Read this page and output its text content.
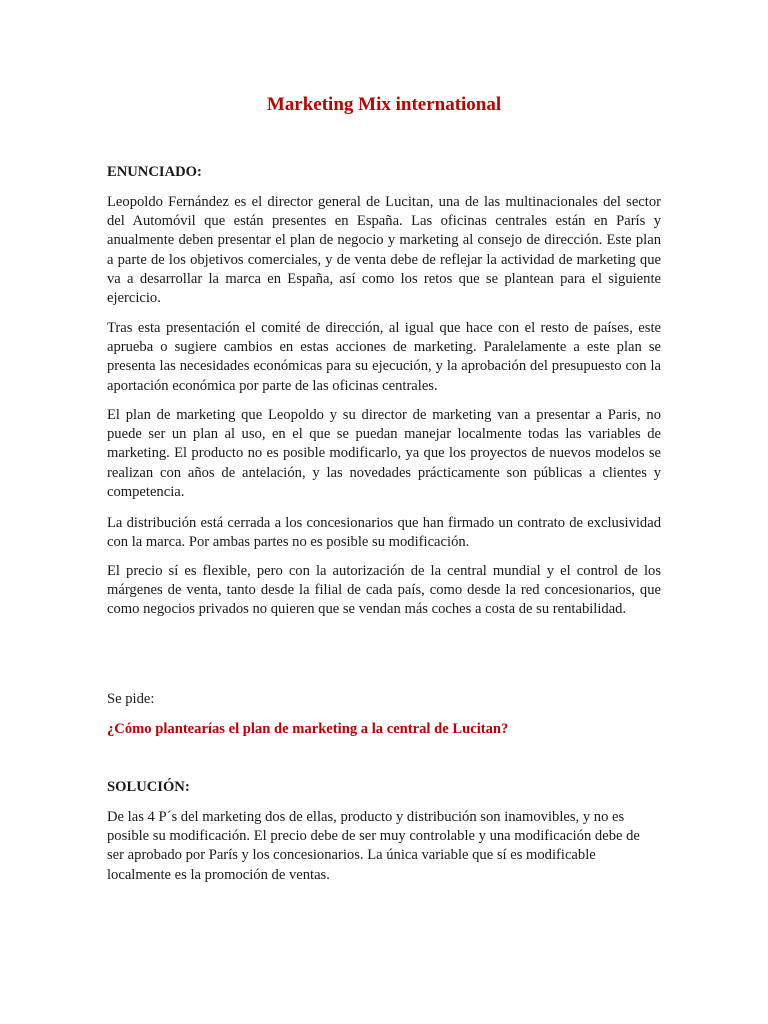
Marketing Mix international
ENUNCIADO:

Leopoldo Fernández es el director general de Lucitan, una de las multinacionales del sector del Automóvil que están presentes en España. Las oficinas centrales están en París y anualmente deben presentar el plan de negocio y marketing al consejo de dirección. Este plan a parte de los objetivos comerciales, y de venta debe de reflejar la actividad de marketing que va a desarrollar la marca en España, así como los retos que se plantean para el siguiente ejercicio.

Tras esta presentación el comité de dirección, al igual que hace con el resto de países, este aprueba o sugiere cambios en estas acciones de marketing. Paralelamente a este plan se presenta las necesidades económicas para su ejecución, y la aprobación del presupuesto con la aportación económica por parte de las oficinas centrales.

El plan de marketing que Leopoldo y su director de marketing van a presentar a Paris, no puede ser un plan al uso, en el que se puedan manejar localmente todas las variables de marketing. El producto no es posible modificarlo, ya que los proyectos de nuevos modelos se realizan con años de antelación, y las novedades prácticamente son públicas a clientes y competencia.

La distribución está cerrada a los concesionarios que han firmado un contrato de exclusividad con la marca. Por ambas partes no es posible su modificación.

El precio sí es flexible, pero con la autorización de la central mundial y el control de los márgenes de venta, tanto desde la filial de cada país, como desde la red concesionarios, que como negocios privados no quieren que se vendan más coches a costa de su rentabilidad.

Se pide:

¿Cómo plantearías el plan de marketing a la central de Lucitan?

SOLUCIÓN:

De las 4 P´s del marketing dos de ellas, producto y distribución son inamovibles, y no es posible su modificación. El precio debe de ser muy controlable y una modificación debe de ser aprobado por París y los concesionarios. La única variable que sí es modificable localmente es la promoción de ventas.
